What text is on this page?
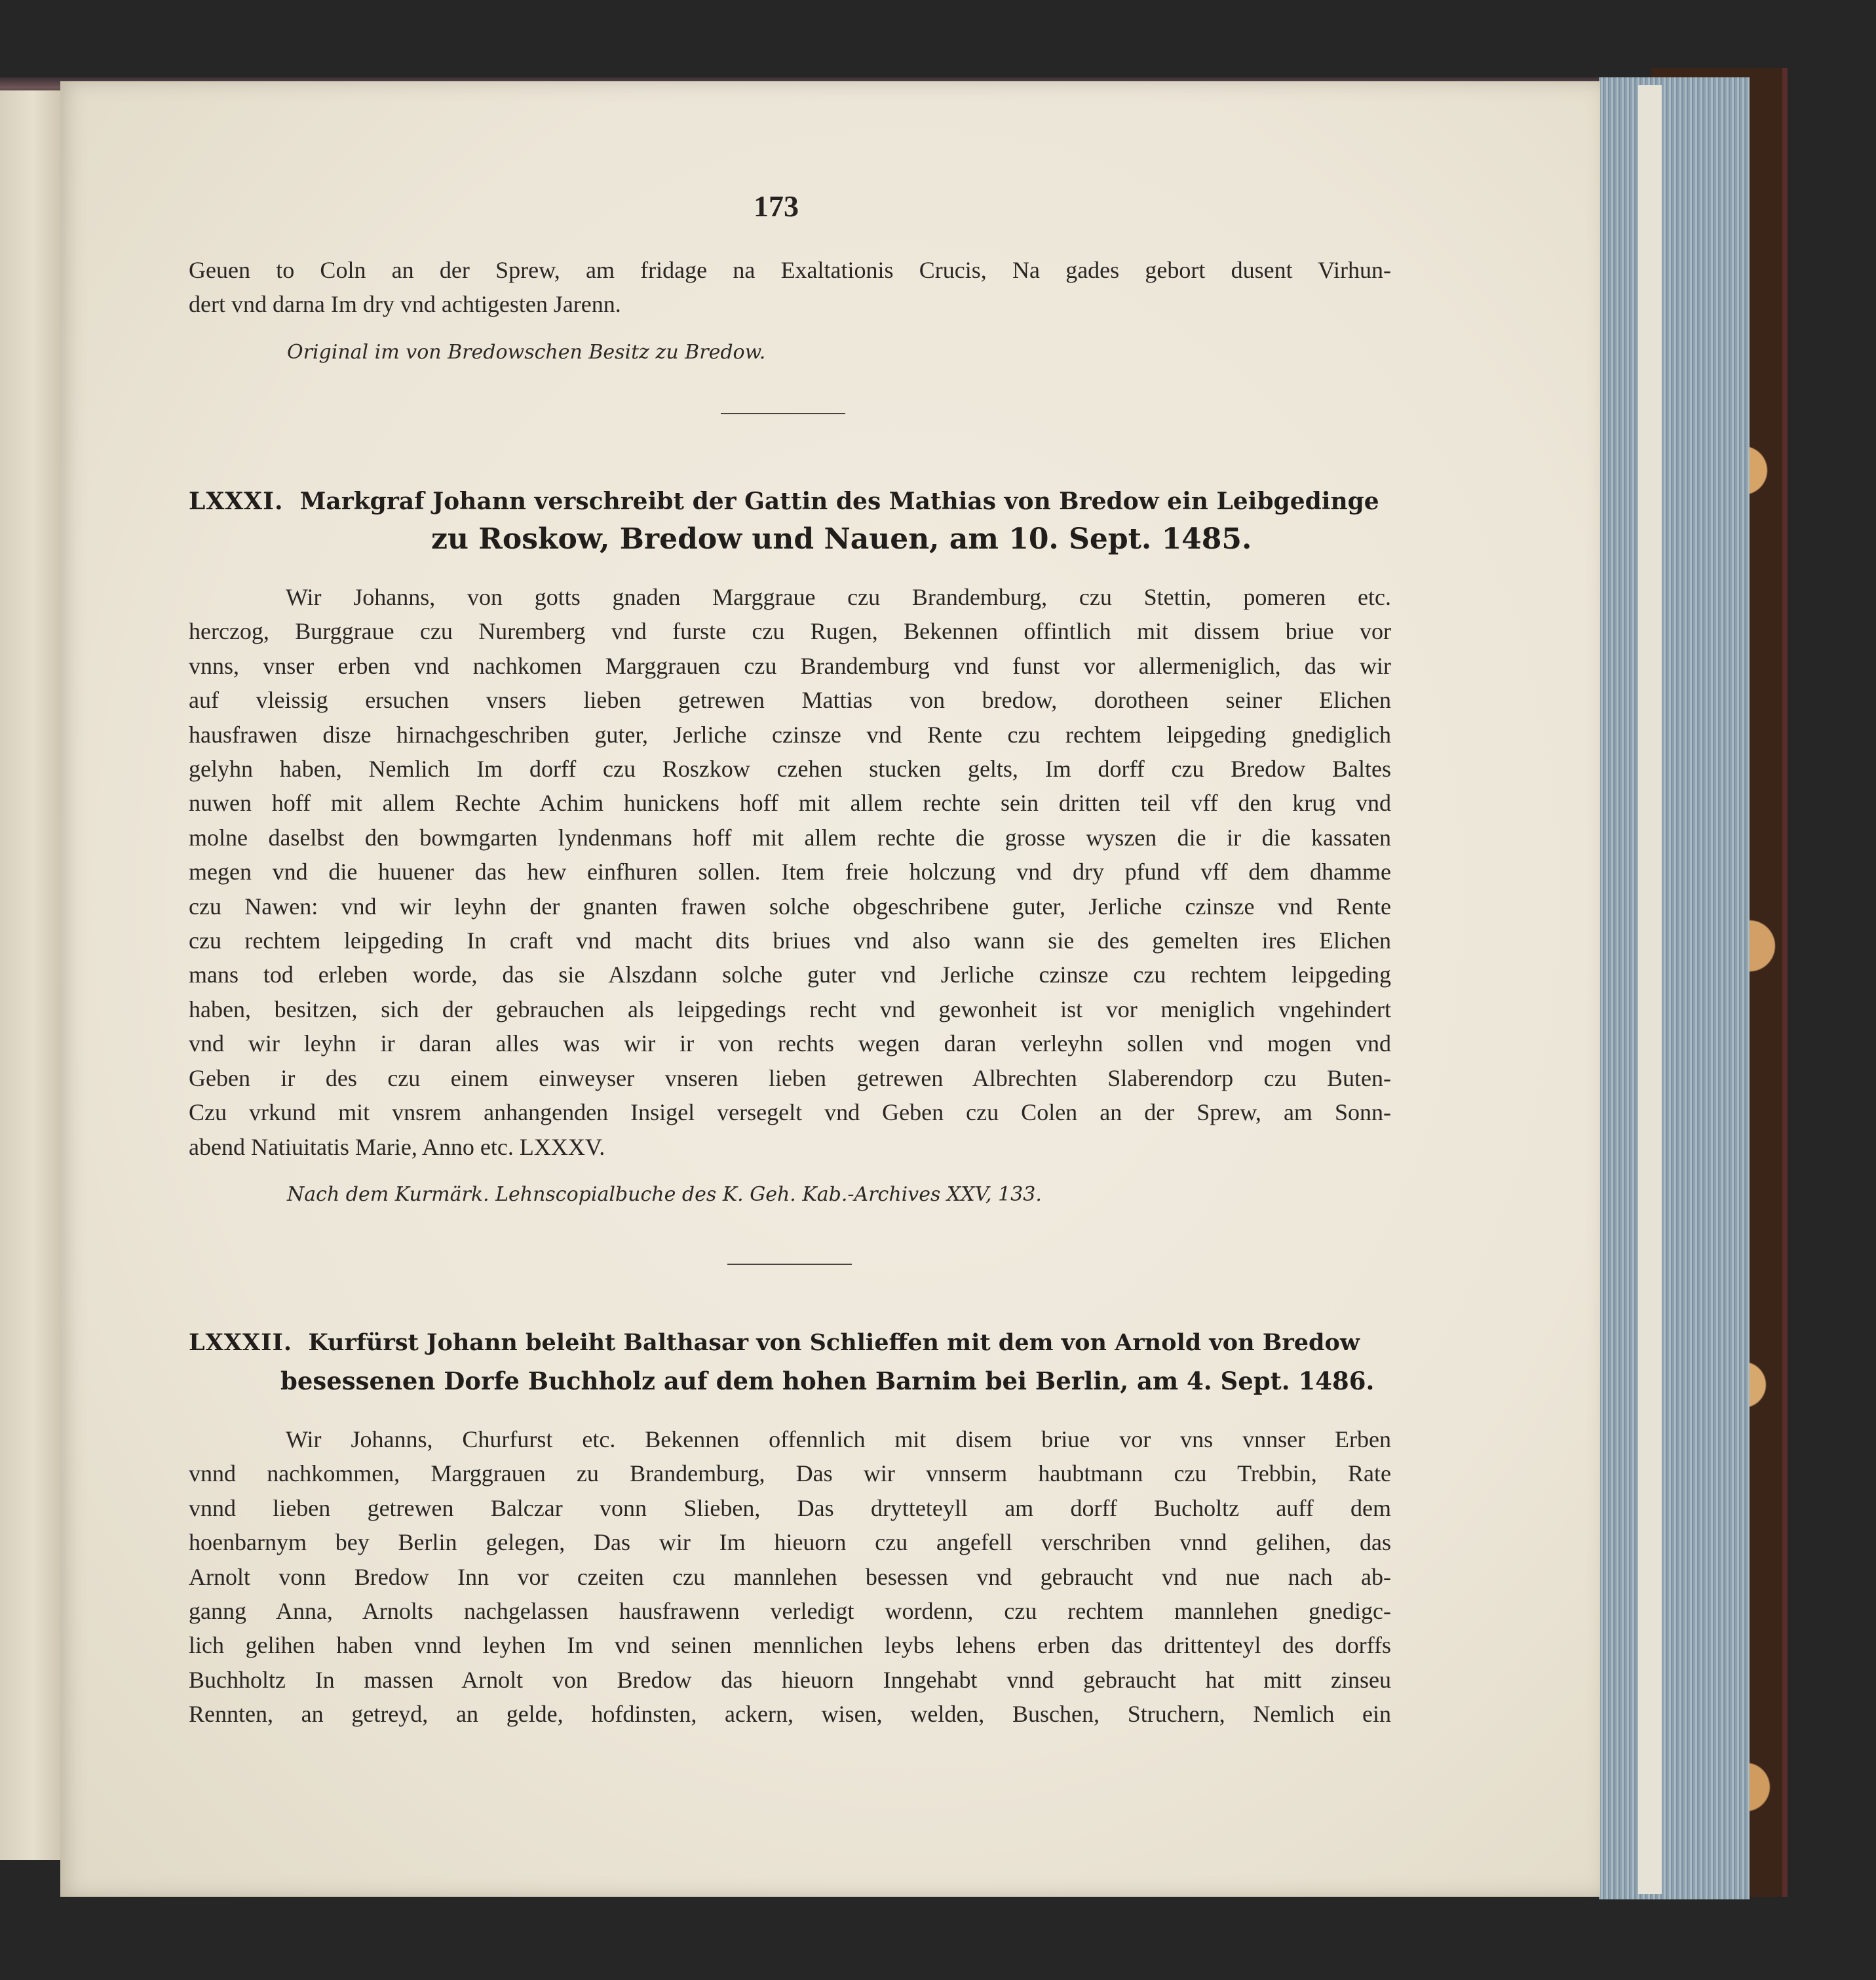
173
Geuen to Coln an der Sprew, am fridage na Exaltationis Crucis, Na gades gebort dusent Virhun-
dert vnd darna Im dry vnd achtigesten Jarenn.
Original im von Bredowschen Besitz zu Bredow.
LXXXI. Markgraf Johann verschreibt der Gattin des Mathias von Bredow ein Leibgedinge
zu Roskow, Bredow und Nauen, am 10. Sept. 1485.
Wir Johanns, von gotts gnaden Marggraue czu Brandemburg, czu Stettin, pomeren etc.
herczog, Burggraue czu Nuremberg vnd furste czu Rugen, Bekennen offintlich mit dissem briue vor
vnns, vnser erben vnd nachkomen Marggrauen czu Brandemburg vnd funst vor allermeniglich, das wir
auf vleissig ersuchen vnsers lieben getrewen Mattias von bredow, dorotheen seiner Elichen
hausfrawen disze hirnachgeschriben guter, Jerliche czinsze vnd Rente czu rechtem leipgeding gnediglich
gelyhn haben, Nemlich Im dorff czu Roszkow czehen stucken gelts, Im dorff czu Bredow Baltes
nuwen hoff mit allem Rechte Achim hunickens hoff mit allem rechte sein dritten teil vff den krug vnd
molne daselbst den bowmgarten lyndenmans hoff mit allem rechte die grosse wyszen die ir die kassaten
megen vnd die huuener das hew einfhuren sollen. Item freie holczung vnd dry pfund vff dem dhamme
czu Nawen: vnd wir leyhn der gnanten frawen solche obgeschribene guter, Jerliche czinsze vnd Rente
czu rechtem leipgeding In craft vnd macht dits briues vnd also wann sie des gemelten ires Elichen
mans tod erleben worde, das sie Alszdann solche guter vnd Jerliche czinsze czu rechtem leipgeding
haben, besitzen, sich der gebrauchen als leipgedings recht vnd gewonheit ist vor meniglich vngehindert
vnd wir leyhn ir daran alles was wir ir von rechts wegen daran verleyhn sollen vnd mogen vnd
Geben ir des czu einem einweyser vnseren lieben getrewen Albrechten Slaberendorp czu Buten-
Czu vrkund mit vnsrem anhangenden Insigel versegelt vnd Geben czu Colen an der Sprew, am Sonn-
abend Natiuitatis Marie, Anno etc. LXXXV.
Nach dem Kurmärk. Lehnscopialbuche des K. Geh. Kab.-Archives XXV, 133.
LXXXII. Kurfürst Johann beleiht Balthasar von Schlieffen mit dem von Arnold von Bredow
besessenen Dorfe Buchholz auf dem hohen Barnim bei Berlin, am 4. Sept. 1486.
Wir Johanns, Churfurst etc. Bekennen offennlich mit disem briue vor vns vnnser Erben
vnnd nachkommen, Marggrauen zu Brandemburg, Das wir vnnserm haubtmann czu Trebbin, Rate
vnnd lieben getrewen Balczar vonn Slieben, Das drytteteyll am dorff Bucholtz auff dem
hoenbarnym bey Berlin gelegen, Das wir Im hieuorn czu angefell verschriben vnnd gelihen, das
Arnolt vonn Bredow Inn vor czeiten czu mannlehen besessen vnd gebraucht vnd nue nach ab-
ganng Anna, Arnolts nachgelassen hausfrawenn verledigt wordenn, czu rechtem mannlehen gnedigc-
lich gelihen haben vnnd leyhen Im vnd seinen mennlichen leybs lehens erben das drittenteyl des dorffs
Buchholtz In massen Arnolt von Bredow das hieuorn Inngehabt vnnd gebraucht hat mitt zinseu
Rennten, an getreyd, an gelde, hofdinsten, ackern, wisen, welden, Buschen, Struchern, Nemlich ein
